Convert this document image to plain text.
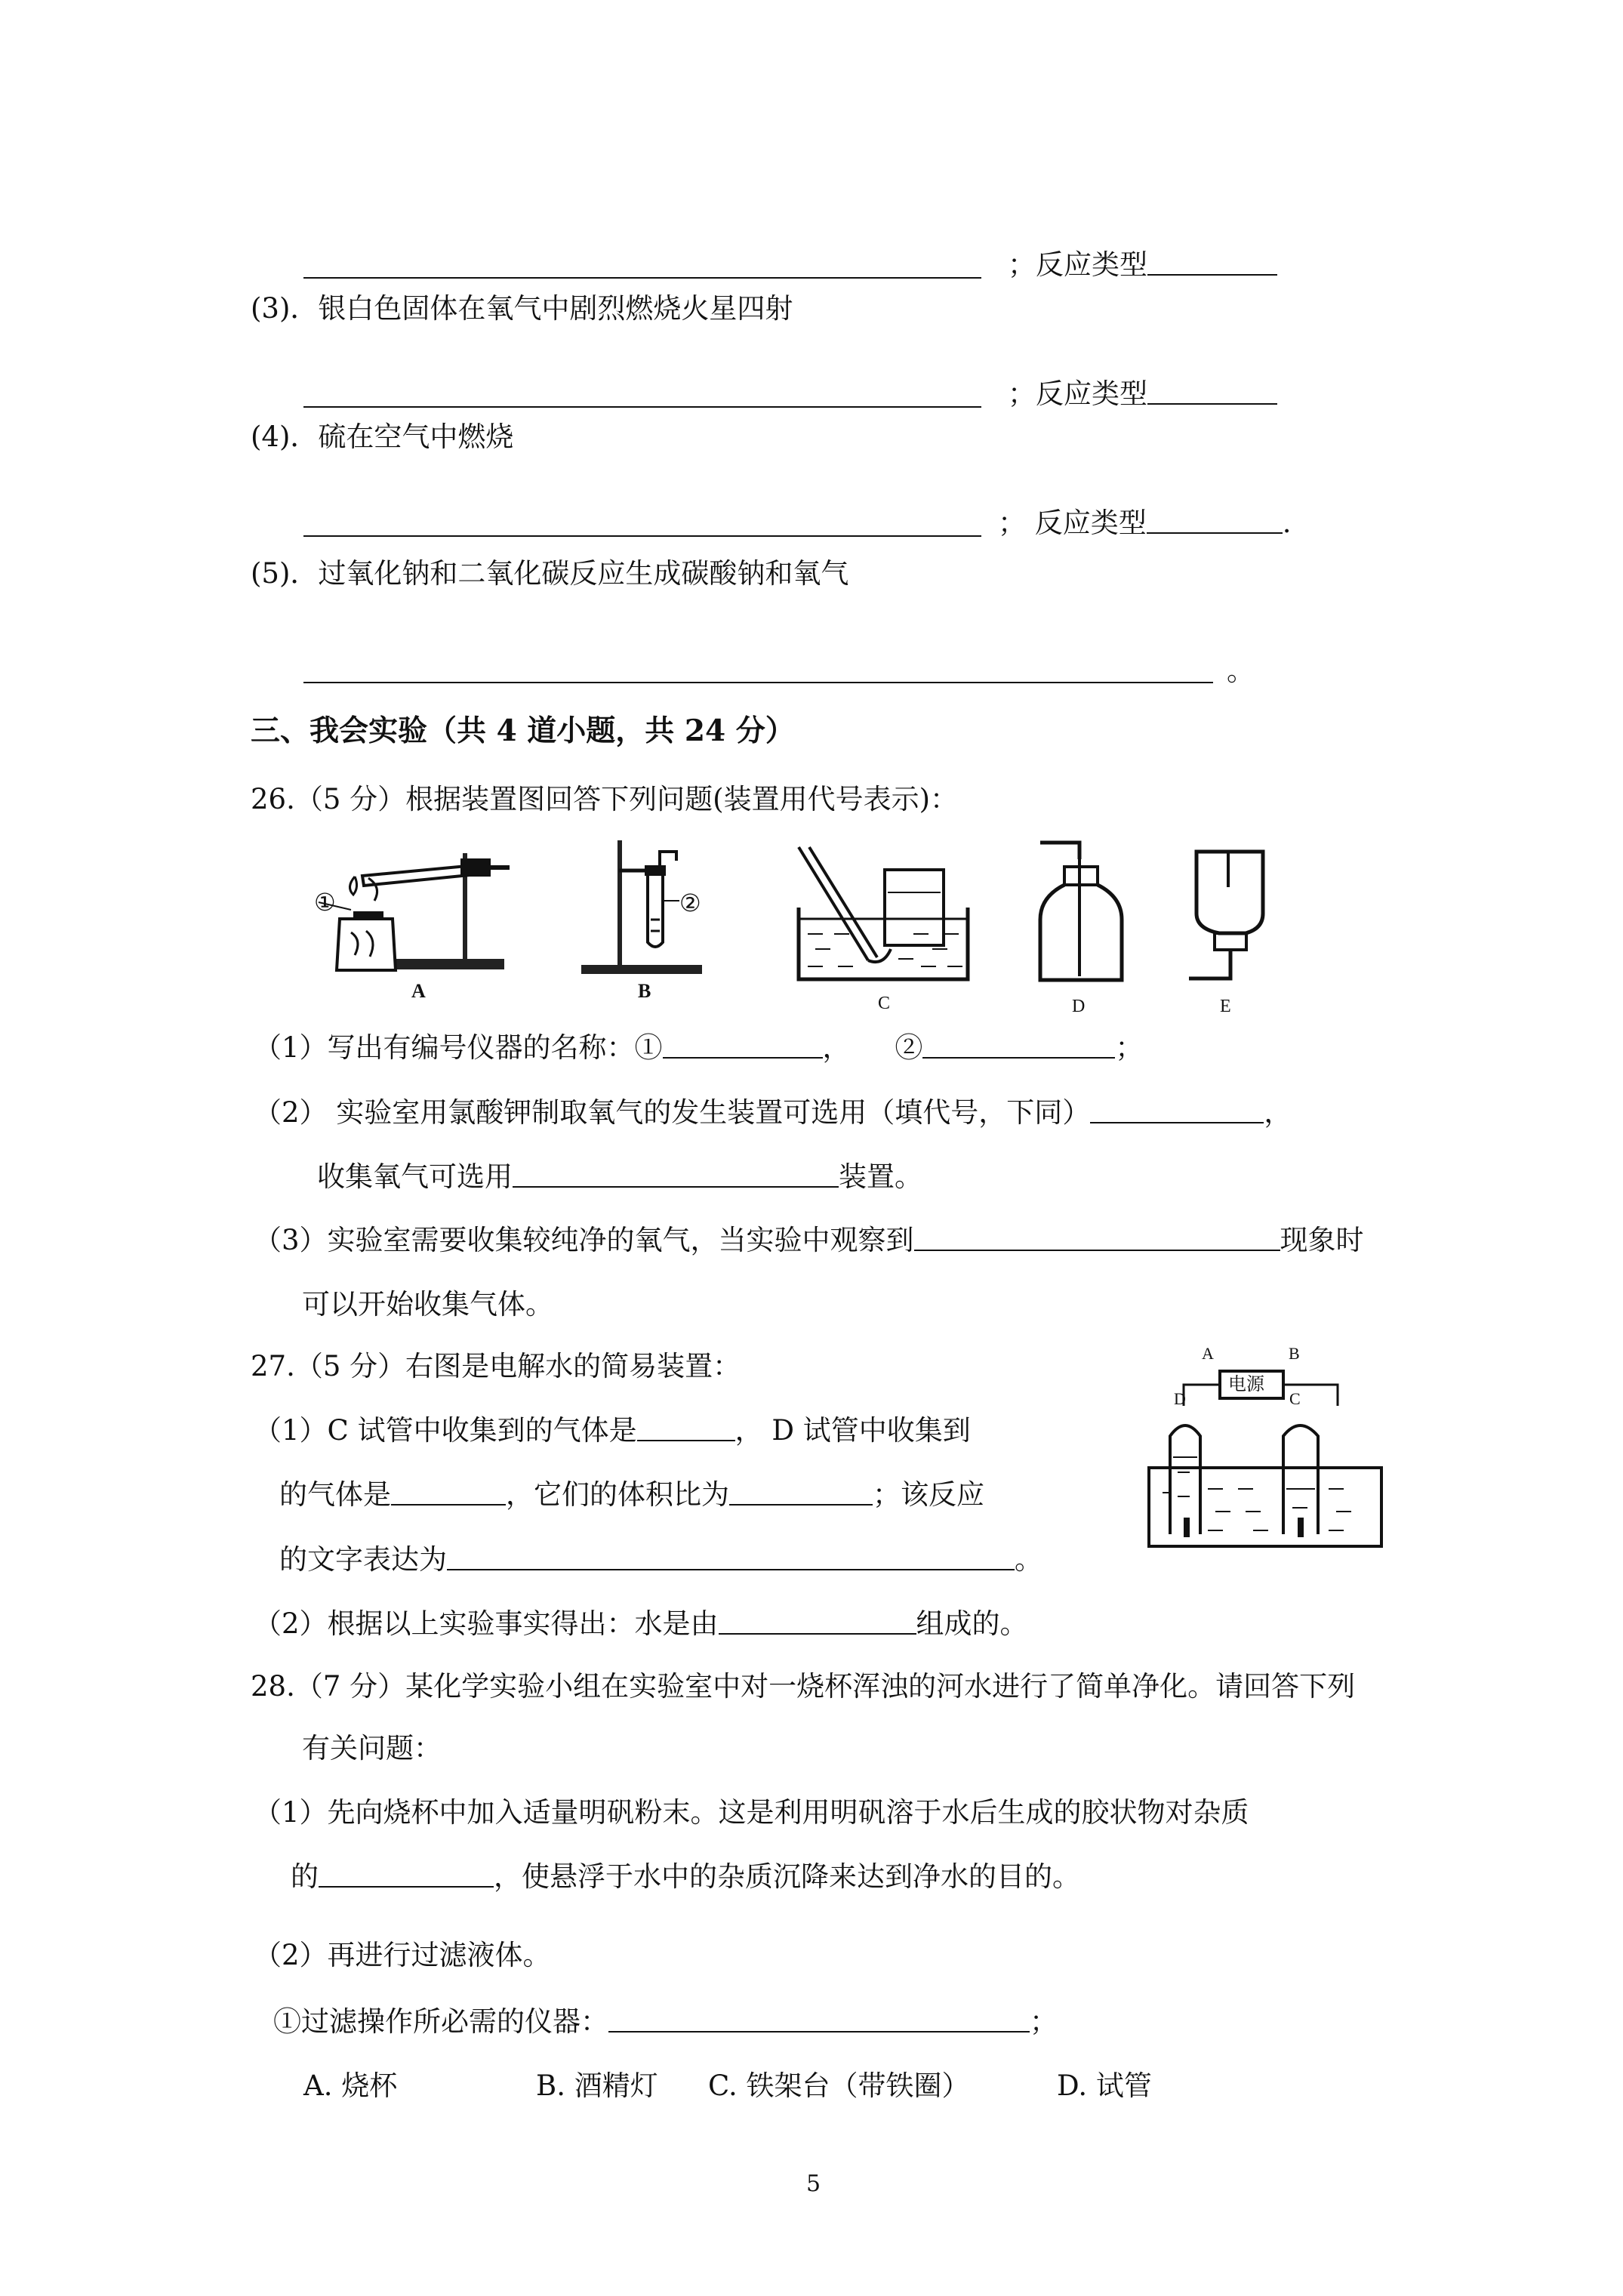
；反应类型
(3)．银白色固体在氧气中剧烈燃烧火星四射
；反应类型
(4)．硫在空气中燃烧
； 反应类型	.
(5)．过氧化钠和二氧化碳反应生成碳酸钠和氧气
。
三、我会实验（共 4 道小题，共 24 分）
26.（5 分）根据装置图回答下列问题(装置用代号表示)：
①
A
②
B
C	D	E
（1）写出有编号仪器的名称：①	， ②	；
（2） 实验室用氯酸钾制取氧气的发生装置可选用（填代号，下同）	，
收集氧气可选用	装置。
（3）实验室需要收集较纯净的氧气，当实验中观察到	现象时
可以开始收集气体。
27.（5 分）右图是电解水的简易装置：
电源
A	B
D	C
（1）C 试管中收集到的气体是	， D 试管中收集到
的气体是	，它们的体积比为	；该反应
的文字表达为	。
（2）根据以上实验事实得出：水是由	组成的。
28.（7 分）某化学实验小组在实验室中对一烧杯浑浊的河水进行了简单净化。请回答下列
有关问题：
（1）先向烧杯中加入适量明矾粉末。这是利用明矾溶于水后生成的胶状物对杂质
的	，使悬浮于水中的杂质沉降来达到净水的目的。
（2）再进行过滤液体。
①过滤操作所必需的仪器：	；
A. 烧杯	B. 酒精灯 C. 铁架台（带铁圈）	D. 试管
5
